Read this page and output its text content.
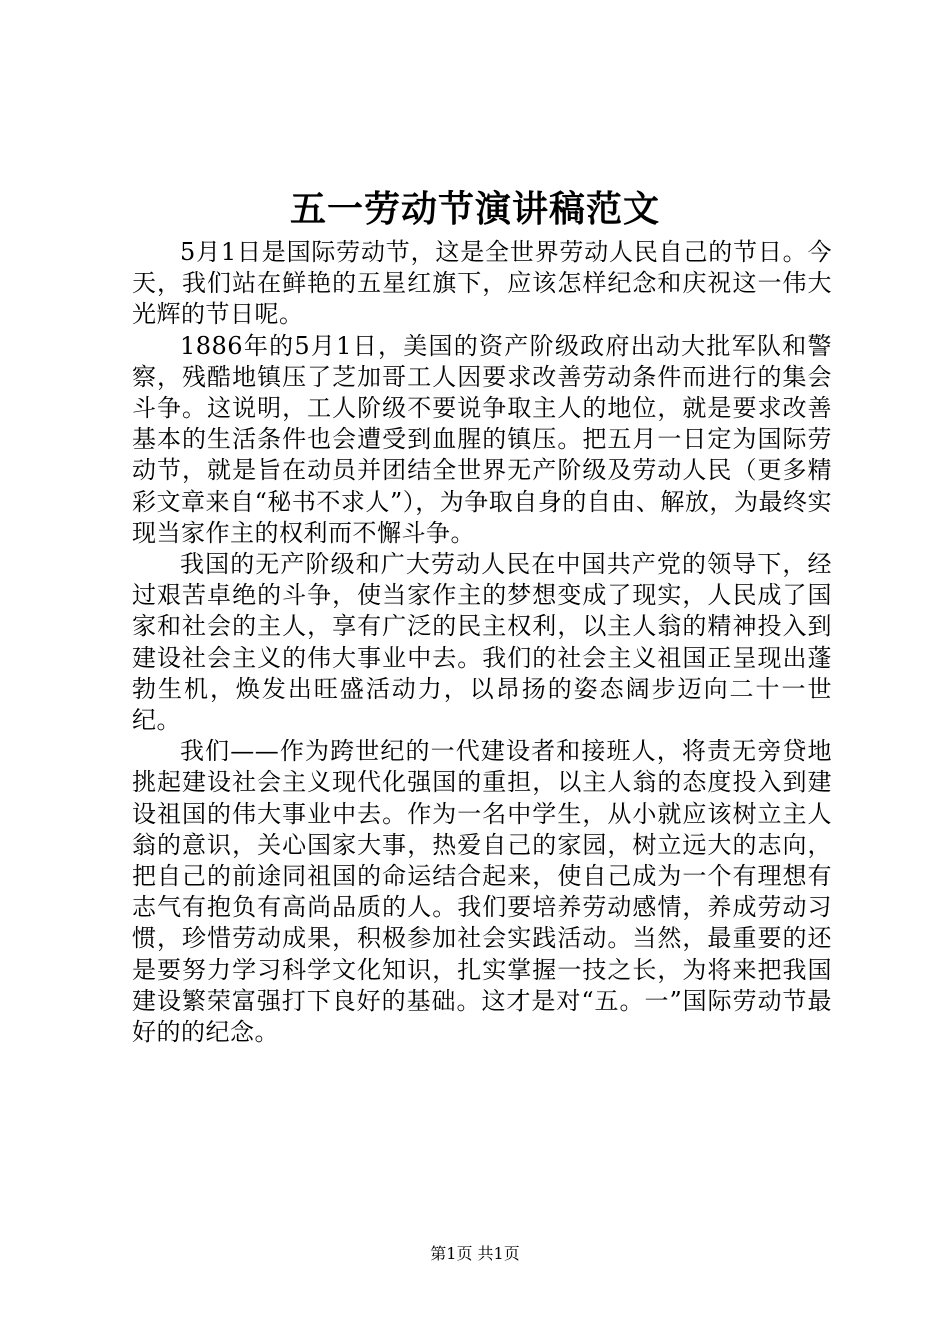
五一劳动节演讲稿范文

5月1日是国际劳动节，这是全世界劳动人民自己的节日。今天，我们站在鲜艳的五星红旗下，应该怎样纪念和庆祝这一伟大光辉的节日呢。

1886年的5月1日，美国的资产阶级政府出动大批军队和警察，残酷地镇压了芝加哥工人因要求改善劳动条件而进行的集会斗争。这说明，工人阶级不要说争取主人的地位，就是要求改善基本的生活条件也会遭受到血腥的镇压。把五月一日定为国际劳动节，就是旨在动员并团结全世界无产阶级及劳动人民（更多精彩文章来自“秘书不求人”），为争取自身的自由、解放，为最终实现当家作主的权利而不懈斗争。

我国的无产阶级和广大劳动人民在中国共产党的领导下，经过艰苦卓绝的斗争，使当家作主的梦想变成了现实，人民成了国家和社会的主人，享有广泛的民主权利，以主人翁的精神投入到建设社会主义的伟大事业中去。我们的社会主义祖国正呈现出蓬勃生机，焕发出旺盛活动力，以昂扬的姿态阔步迈向二十一世纪。

我们——作为跨世纪的一代建设者和接班人，将责无旁贷地挑起建设社会主义现代化强国的重担，以主人翁的态度投入到建设祖国的伟大事业中去。作为一名中学生，从小就应该树立主人翁的意识，关心国家大事，热爱自己的家园，树立远大的志向，把自己的前途同祖国的命运结合起来，使自己成为一个有理想有志气有抱负有高尚品质的人。我们要培养劳动感情，养成劳动习惯，珍惜劳动成果，积极参加社会实践活动。当然，最重要的还是要努力学习科学文化知识，扎实掌握一技之长，为将来把我国建设繁荣富强打下良好的基础。这才是对“五。一”国际劳动节最好的的纪念。

第1页 共1页
